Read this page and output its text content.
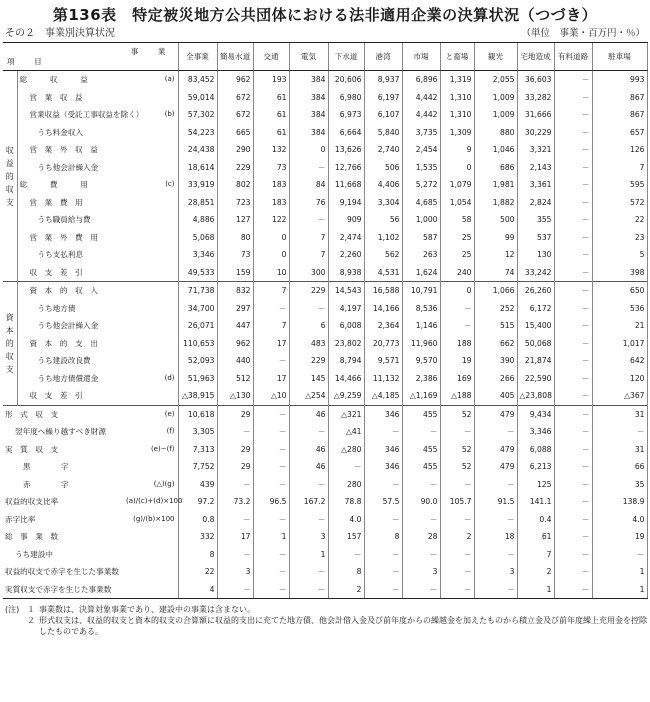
第136表　特定被災地方公共団体における法非適用企業の決算状況（つづき）
その２　事業別決算状況	（単位　事業・百万円・％）
事　業
項　目			全事業	簡易水道	交通	電気	下水道	港湾	市場	と畜場	観光	宅地造成	有料道路	駐車場	
収益的収支	総　　　収　　　益	(a)	83,452	962	193	384	20,606	8,937	6,896	1,319	2,055	36,603	－	993	
	営　業　収　益		59,014	672	61	384	6,980	6,197	4,442	1,310	1,009	33,282	－	867	
	営業収益（受託工事収益を除く）	(b)	57,302	672	61	384	6,973	6,107	4,442	1,310	1,009	31,666	－	867	
	うち料金収入		54,223	665	61	384	6,664	5,840	3,735	1,309	880	30,229	－	657	
	営　業　外　収　益		24,438	290	132	0	13,626	2,740	2,454	9	1,046	3,321	－	126	
	うち他会計繰入金		18,614	229	73	－	12,766	506	1,535	0	686	2,143	－	7	
	総　　　費　　　用	(c)	33,919	802	183	84	11,668	4,406	5,272	1,079	1,981	3,361	－	595	
	営　業　費　用		28,851	723	183	76	9,194	3,304	4,685	1,054	1,882	2,824	－	572	
	うち職員給与費		4,886	127	122	－	909	56	1,000	58	500	355	－	22	
	営　業　外　費　用		5,068	80	0	7	2,474	1,102	587	25	99	537	－	23	
	うち支払利息		3,346	73	0	7	2,260	562	263	25	12	130	－	5	
	収　支　差　引		49,533	159	10	300	8,938	4,531	1,624	240	74	33,242	－	398	
資本的収支	資　本　的　収　入		71,738	832	7	229	14,543	16,588	10,791	0	1,066	26,260	－	650	
	うち地方債		34,700	297	－	－	4,197	14,166	8,536	－	252	6,172	－	536	
	うち他会計繰入金		26,071	447	7	6	6,008	2,364	1,146	－	515	15,400	－	21	
	資　本　的　支　出		110,653	962	17	483	23,802	20,773	11,960	188	662	50,068	－	1,017	
	うち建設改良費		52,093	440	－	229	8,794	9,571	9,570	19	390	21,874	－	642	
	うち地方債償還金	(d)	51,963	512	17	145	14,466	11,132	2,386	169	266	22,590	－	120	
	収　支　差　引		△38,915	△130	△10	△254	△9,259	△4,185	△1,169	△188	405	△23,808	－	△367	
形　式　収　支		(e)	10,618	29	－	46	△321	346	455	52	479	9,434	－	31	
翌年度へ繰り越すべき財源		(f)	3,305	－	－	－	△41	－	－	－	－	3,346	－	－	
実　質　収　支		(e)−(f)	7,313	29	－	46	△280	346	455	52	479	6,088	－	31	
黒　　　　字			7,752	29	－	46	－	346	455	52	479	6,213	－	66	
赤　　　　字		(△)(g)	439	－	－	－	280	－	－	－	－	125	－	35	
収益的収支比率		(a)/(c)+(d)×100	97.2	73.2	96.5	167.2	78.8	57.5	90.0	105.7	91.5	141.1	－	138.9	
赤字比率		(g)/(b)×100	0.8	－	－	－	4.0	－	－	－	－	0.4	－	4.0	
総　事　業　数			332	17	1	3	157	8	28	2	18	61	－	19	
うち建設中			8	－	－	1	－	－	－	－	－	7	－	－	
収益的収支で赤字を生じた事業数			22	3	－	－	8	－	3	－	3	2	－	1	
実質収支で赤字を生じた事業数			4	－	－	－	2	－	－	－	－	1	－	1	
(注) １ 事業数は、決算対象事業であり、建設中の事業は含まない。
２ 形式収支は、収益的収支と資本的収支の合算額に収益的支出に充てた地方債、他会計借入金及び前年度からの繰越金を加えたものから積立金及び前年度繰上充用金を控除したものである。
